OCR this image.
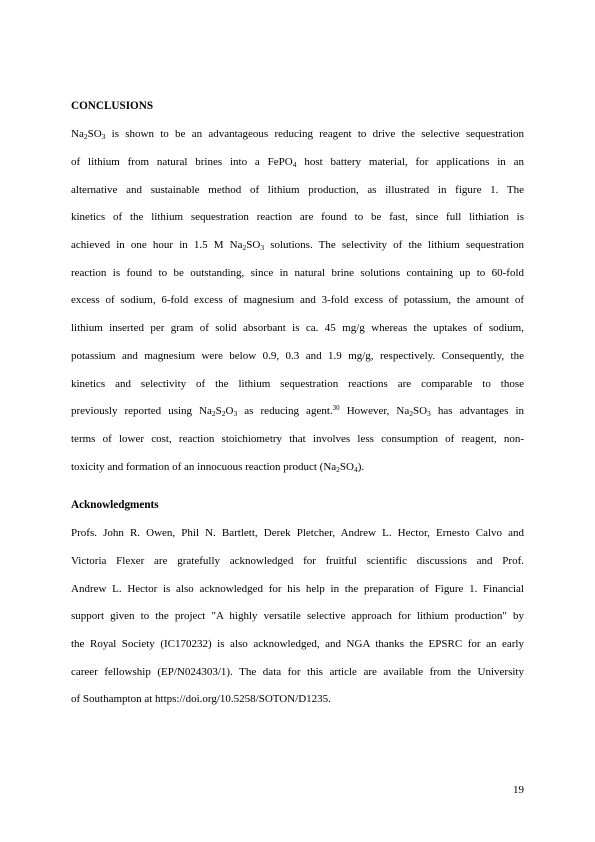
CONCLUSIONS
$Na_2SO_3$ is shown to be an advantageous reducing reagent to drive the selective sequestration
of lithium from natural brines into a FePO$_4$ host battery material, for applications in an
alternative and sustainable method of lithium production, as illustrated in figure 1. The
kinetics of the lithium sequestration reaction are found to be fast, since full lithiation is
achieved in one hour in 1.5 M $Na_2SO_3$ solutions. The selectivity of the lithium sequestration
reaction is found to be outstanding, since in natural brine solutions containing up to 60-fold
excess of sodium, 6-fold excess of magnesium and 3-fold excess of potassium, the amount of
lithium inserted per gram of solid absorbant is ca. 45 mg/g whereas the uptakes of sodium,
potassium and magnesium were below 0.9, 0.3 and 1.9 mg/g, respectively. Consequently, the
kinetics and selectivity of the lithium sequestration reactions are comparable to those
previously reported using $Na_2S_2O_3$ as reducing agent.$^{30}$ However, $Na_2SO_3$ has advantages in
terms of lower cost, reaction stoichiometry that involves less consumption of reagent, non-
toxicity and formation of an innocuous reaction product $(Na_2SO_4)$.
Acknowledgments
Profs. John R. Owen, Phil N. Bartlett, Derek Pletcher, Andrew L. Hector, Ernesto Calvo and
Victoria Flexer are gratefully acknowledged for fruitful scientific discussions and Prof.
Andrew L. Hector is also acknowledged for his help in the preparation of Figure 1. Financial
support given to the project "A highly versatile selective approach for lithium production" by
the Royal Society (IC170232) is also acknowledged, and NGA thanks the EPSRC for an early
career fellowship (EP/N024303/1). The data for this article are available from the University
of Southampton at https://doi.org/10.5258/SOTON/D1235.
19
